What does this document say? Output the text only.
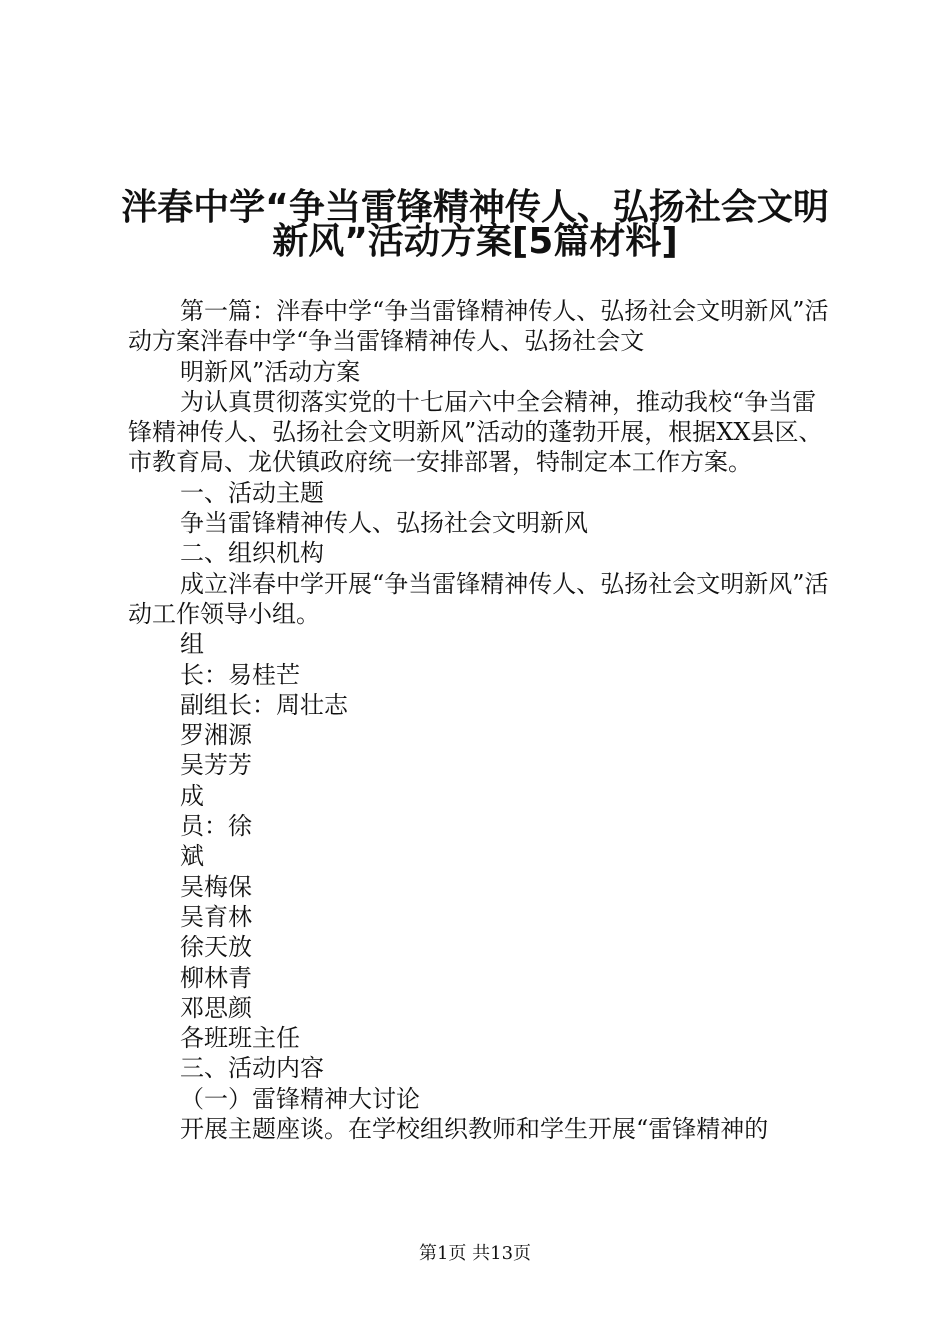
泮春中学“争当雷锋精神传人、弘扬社会文明
新风”活动方案[5篇材料]

第一篇：泮春中学“争当雷锋精神传人、弘扬社会文明新风”活动方案泮春中学“争当雷锋精神传人、弘扬社会文

明新风”活动方案

为认真贯彻落实党的十七届六中全会精神，推动我校“争当雷锋精神传人、弘扬社会文明新风”活动的蓬勃开展，根据XX县区、市教育局、龙伏镇政府统一安排部署，特制定本工作方案。

一、活动主题

争当雷锋精神传人、弘扬社会文明新风

二、组织机构

成立泮春中学开展“争当雷锋精神传人、弘扬社会文明新风”活动工作领导小组。

组

长：易桂芒

副组长：周壮志

罗湘源

吴芳芳

成

员：徐

斌

吴梅保

吴育林

徐天放

柳林青

邓思颜

各班班主任

三、活动内容

（一）雷锋精神大讨论

开展主题座谈。在学校组织教师和学生开展“雷锋精神的

第1页 共13页
